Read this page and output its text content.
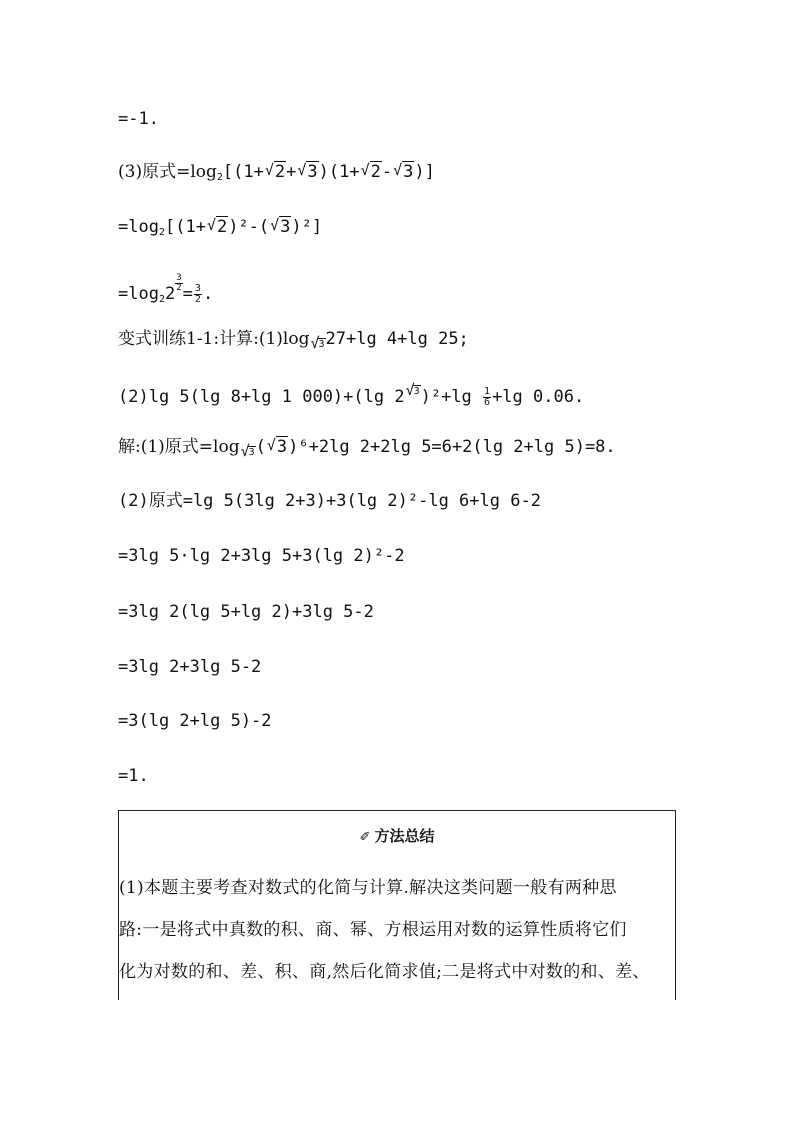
=-1.
(3)原式$=\log_2[(1+√$ 2+√ 3)(1+√ 2-√ 3)]
$=\log_2[(1+√$ 2)²-(√ 3)²]
$=\log_22$
$\frac{3}{2}$
= $\frac{3}{2}$ .
变式训练1-1:计算:(1)log√ $_3$27+lg 4+lg 25;
(2)lg 5(lg 8+lg 1 000)+(lg 2√ $^3)^2+\lg \frac{1}{6} +\lg$ 0.06.
解:(1)原式=log√ $_3$(√ 3)⁶+2lg 2+2lg 5=6+2(lg 2+lg 5)=8.
(2)原式=lg 5(3lg 2+3)+3(lg 2)²-lg 6+lg 6-2
=3lg 5·lg 2+3lg 5+3(lg 2)²-2
=3lg 2(lg 5+lg 2)+3lg 5-2
=3lg 2+3lg 5-2
=3(lg 2+lg 5)-2
=1.
✐ 方法总结
(1)本题主要考查对数式的化简与计算.解决这类问题一般有两种思
路:一是将式中真数的积、商、幂、方根运用对数的运算性质将它们
化为对数的和、差、积、商,然后化简求值;二是将式中对数的和、差、
